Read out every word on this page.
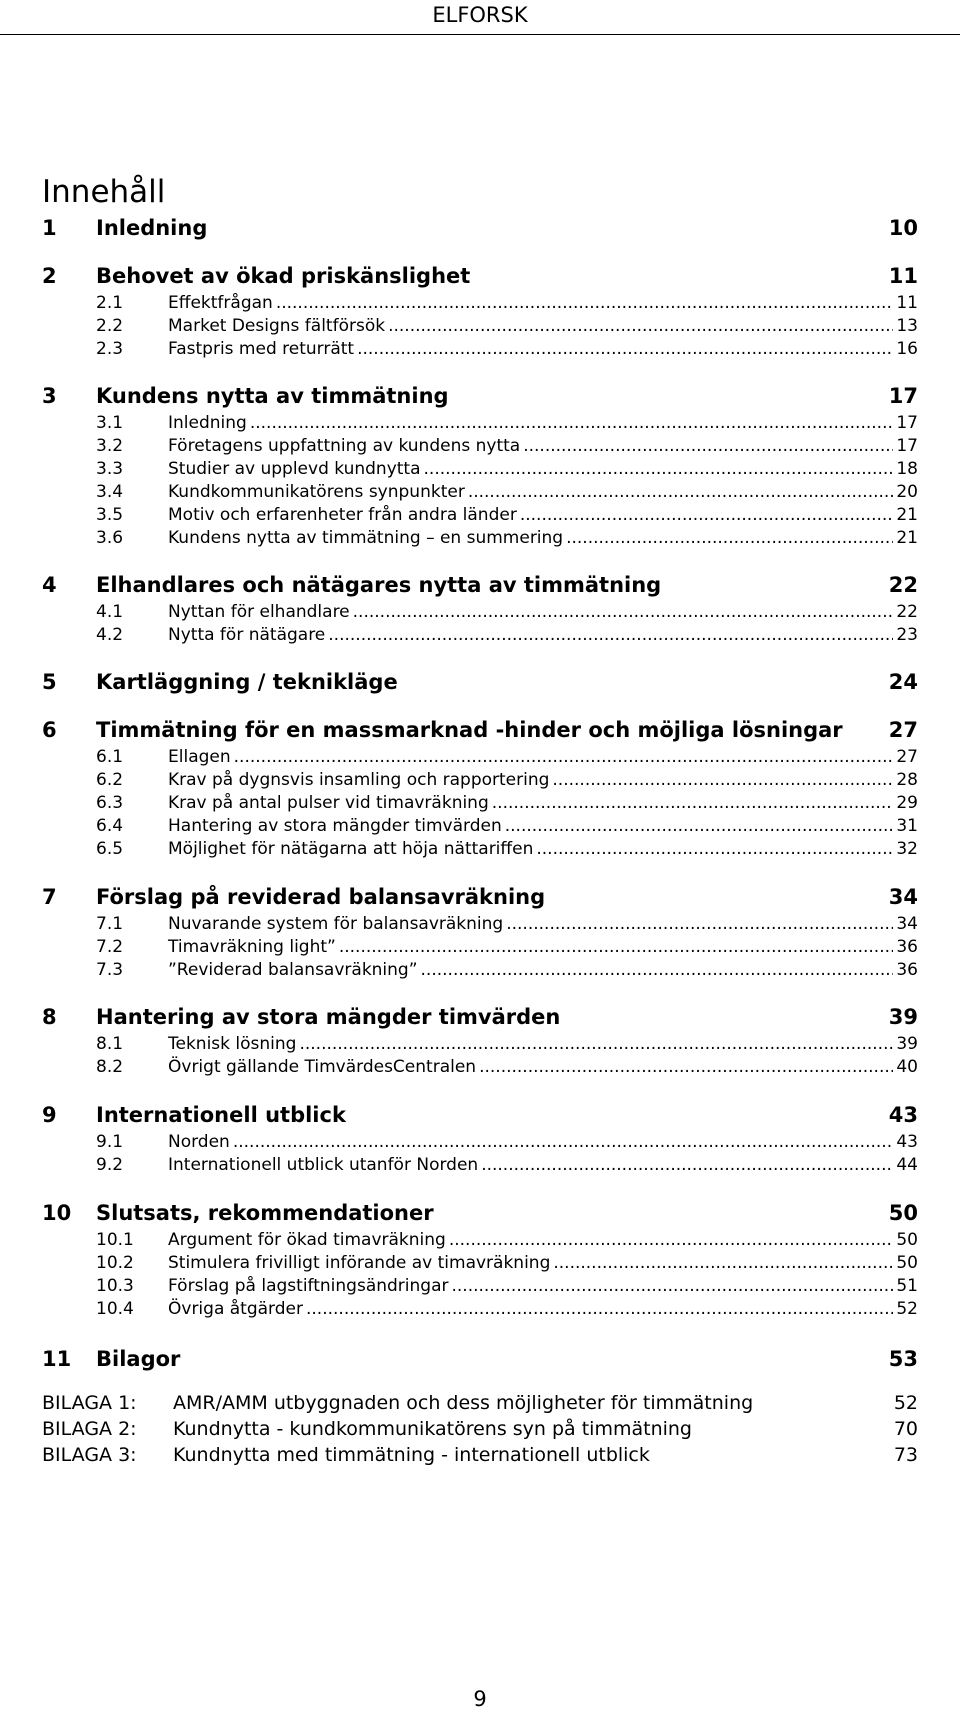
ELFORSK
Innehåll
1 Inledning	10
2 Behovet av ökad priskänslighet	11
2.1	Effektfrågan .....	11
2.2	Market Designs fältförsök .....	13
2.3	Fastpris med returrätt .....	16
3 Kundens nytta av timmätning	17
3.1	Inledning .....	17
3.2	Företagens uppfattning av kundens nytta .....	17
3.3	Studier av upplevd kundnytta .....	18
3.4	Kundkommunikatörens synpunkter .....	20
3.5	Motiv och erfarenheter från andra länder .....	21
3.6	Kundens nytta av timmätning – en summering .....	21
4 Elhandlares och nätägares nytta av timmätning	22
4.1	Nyttan för elhandlare .....	22
4.2	Nytta för nätägare .....	23
5 Kartläggning / teknikläge	24
6 Timmätning för en massmarknad -hinder och möjliga lösningar 27
6.1	Ellagen .....	27
6.2	Krav på dygnsvis insamling och rapportering .....	28
6.3	Krav på antal pulser vid timavräkning .....	29
6.4	Hantering av stora mängder timvärden .....	31
6.5	Möjlighet för nätägarna att höja nättariffen .....	32
7 Förslag på reviderad balansavräkning	34
7.1	Nuvarande system för balansavräkning .....	34
7.2	Timavräkning light” .....	36
7.3	”Reviderad balansavräkning” .....	36
8 Hantering av stora mängder timvärden	39
8.1	Teknisk lösning .....	39
8.2	Övrigt gällande TimvärdesCentralen .....	40
9 Internationell utblick	43
9.1	Norden .....	43
9.2	Internationell utblick utanför Norden .....	44
10 Slutsats, rekommendationer	50
10.1	Argument för ökad timavräkning .....	50
10.2	Stimulera frivilligt införande av timavräkning .....	50
10.3	Förslag på lagstiftningsändringar .....	51
10.4	Övriga åtgärder .....	52
11 Bilagor	53
BILAGA 1: AMR/AMM utbyggnaden och dess möjligheter för timmätning	52
BILAGA 2: Kundnytta - kundkommunikatörens syn på timmätning	70
BILAGA 3: Kundnytta med timmätning - internationell utblick	73
9
